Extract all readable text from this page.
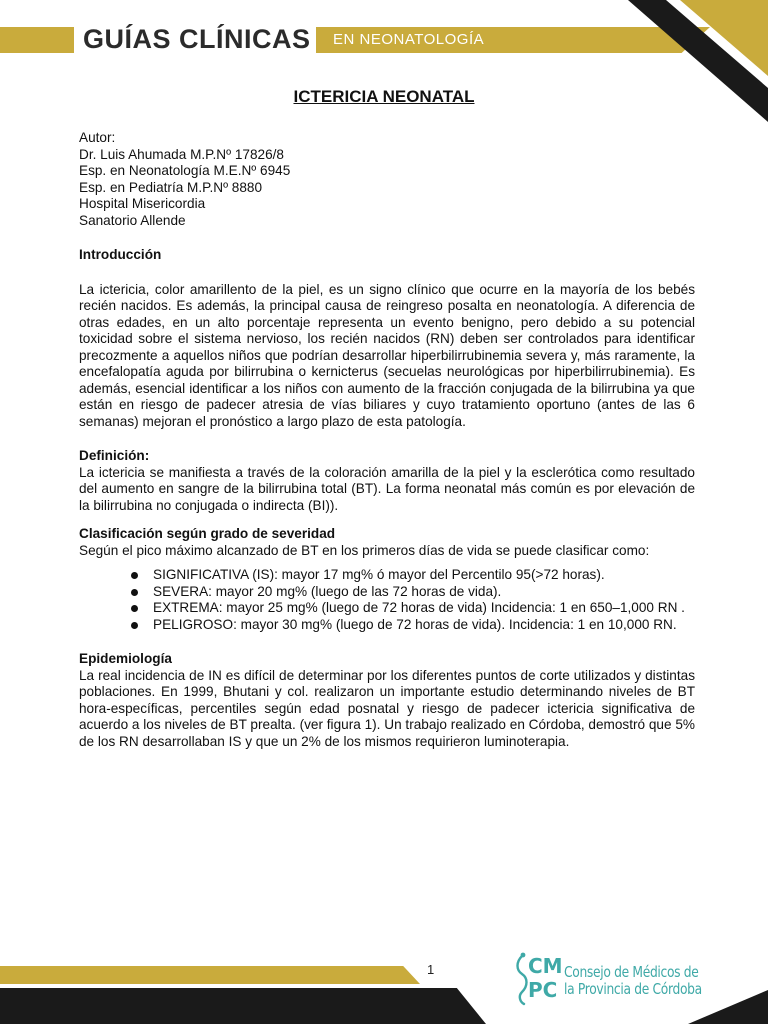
GUÍAS CLÍNICAS EN NEONATOLOGÍA
ICTERICIA NEONATAL
Autor:
Dr. Luis Ahumada M.P.Nº 17826/8
Esp. en Neonatología M.E.Nº 6945
Esp. en Pediatría M.P.Nº 8880
Hospital Misericordia
Sanatorio Allende

Introducción

La ictericia, color amarillento de la piel, es un signo clínico que ocurre en la mayoría de los bebés recién nacidos. Es además, la principal causa de reingreso posalta en neonatología. A diferencia de otras edades, en un alto porcentaje representa un evento benigno, pero debido a su potencial toxicidad sobre el sistema nervioso, los recién nacidos (RN) deben ser controlados para identificar precozmente a aquellos niños que podrían desarrollar hiperbilirrubinemia severa y, más raramente, la encefalopatía aguda por bilirrubina o kernicterus (secuelas neurológicas por hiperbilirrubinemia). Es además, esencial identificar a los niños con aumento de la fracción conjugada de la bilirrubina ya que están en riesgo de padecer atresia de vías biliares y cuyo tratamiento oportuno (antes de las 6 semanas) mejoran el pronóstico a largo plazo de esta patología.

Definición:

La ictericia se manifiesta a través de la coloración amarilla de la piel y la esclerótica como resultado del aumento en sangre de la bilirrubina total (BT). La forma neonatal más común es por elevación de la bilirrubina no conjugada o indirecta (BI)).

Clasificación según grado de severidad

Según el pico máximo alcanzado de BT en los primeros días de vida se puede clasificar como:

SIGNIFICATIVA (IS): mayor 17 mg% ó mayor del Percentilo 95(>72 horas).
SEVERA: mayor 20 mg% (luego de las 72 horas de vida).
EXTREMA: mayor 25 mg% (luego de 72 horas de vida) Incidencia: 1 en 650–1,000 RN .
PELIGROSO: mayor 30 mg% (luego de 72 horas de vida). Incidencia: 1 en 10,000 RN.

Epidemiología

La real incidencia de IN es difícil de determinar por los diferentes puntos de corte utilizados y distintas poblaciones. En 1999, Bhutani y col. realizaron un importante estudio determinando niveles de BT hora-específicas, percentiles según edad posnatal y riesgo de padecer ictericia significativa de acuerdo a los niveles de BT prealta. (ver figura 1). Un trabajo realizado en Córdoba, demostró que 5% de los RN desarrollaban IS y que un 2% de los mismos requirieron luminoterapia.

1	CM
PC
Consejo de Médicos de
la Provincia de Córdoba
